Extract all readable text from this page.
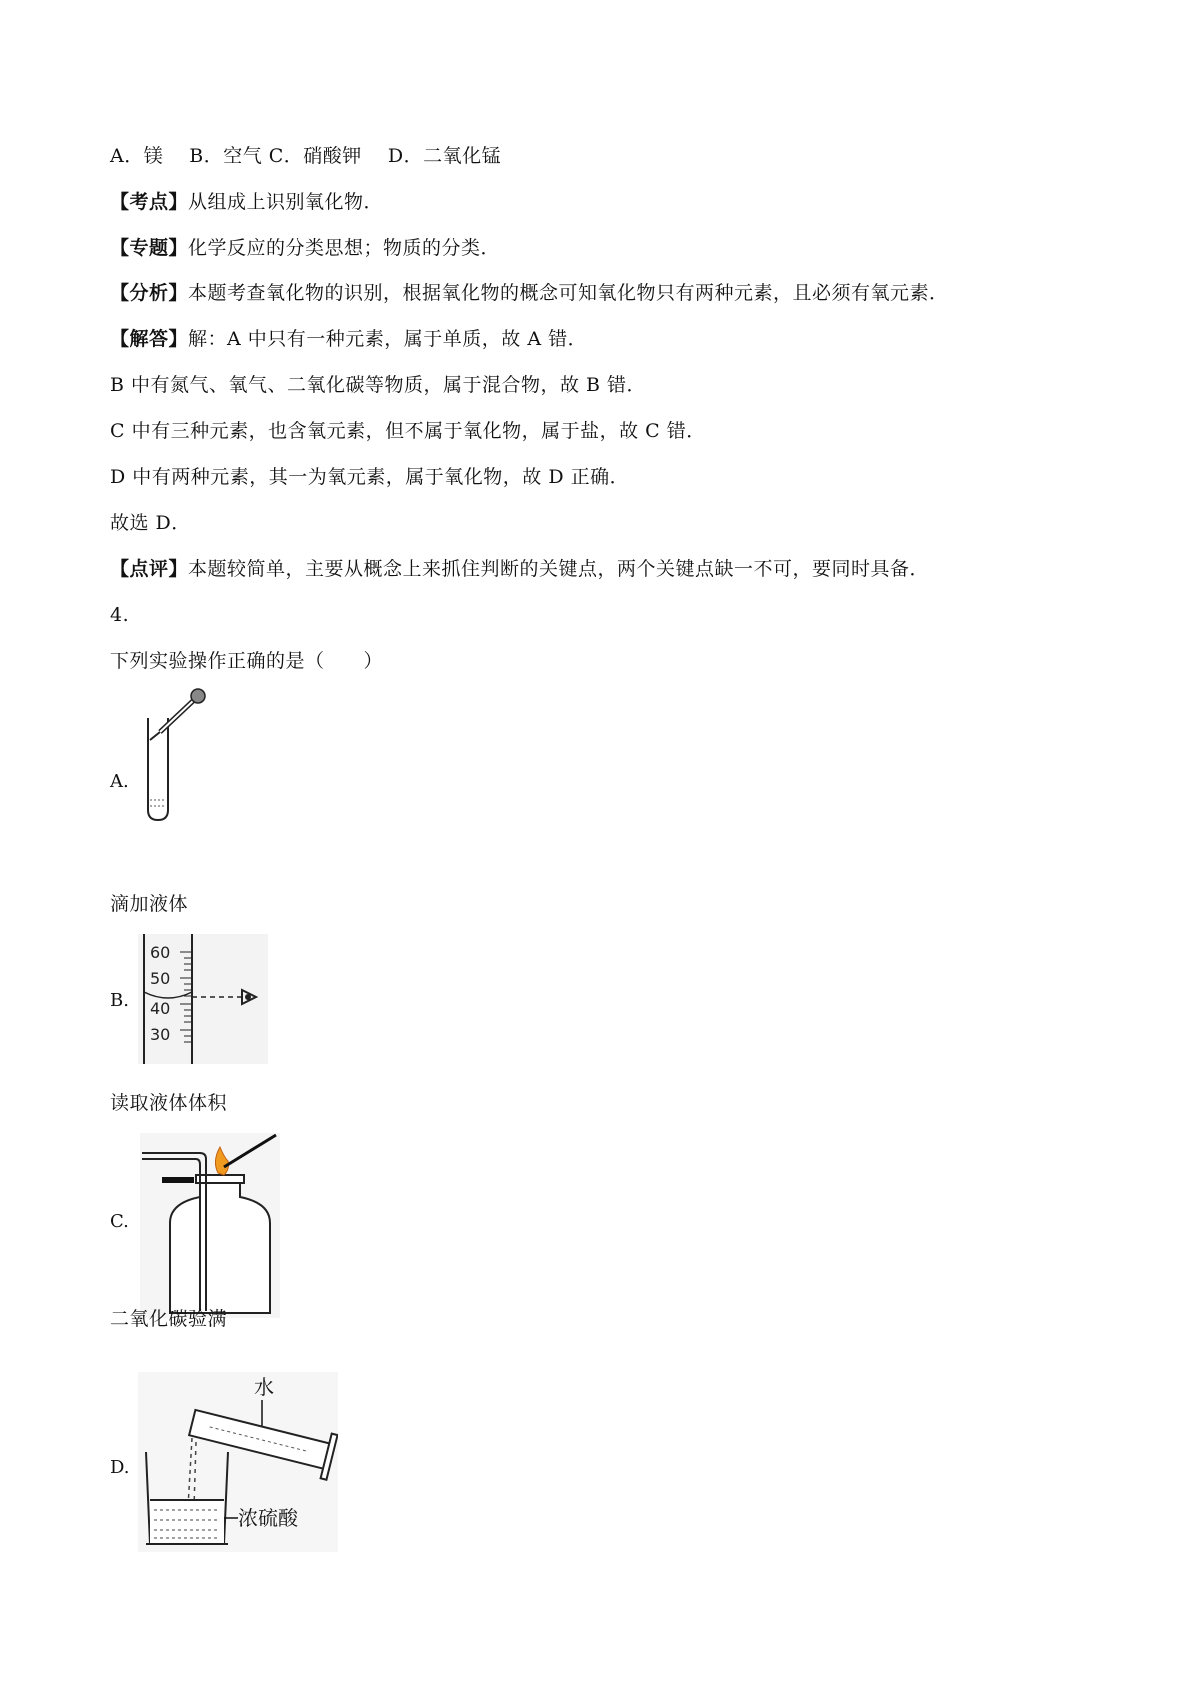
A．镁　 B．空气 C．硝酸钾　 D．二氧化锰
【考点】从组成上识别氧化物．
【专题】化学反应的分类思想；物质的分类．
【分析】本题考查氧化物的识别，根据氧化物的概念可知氧化物只有两种元素，且必须有氧元素．
【解答】解：A 中只有一种元素，属于单质，故 A 错．
B 中有氮气、氧气、二氧化碳等物质，属于混合物，故 B 错．
C 中有三种元素，也含氧元素，但不属于氧化物，属于盐，故 C 错．
D 中有两种元素，其一为氧元素，属于氧化物，故 D 正确．
故选 D．
【点评】本题较简单，主要从概念上来抓住判断的关键点，两个关键点缺一不可，要同时具备．
4.
下列实验操作正确的是（　　）
A.
滴加液体
B.
60
50
40
30
读取液体体积
C.
二氧化碳验满
D.
水
浓硫酸
